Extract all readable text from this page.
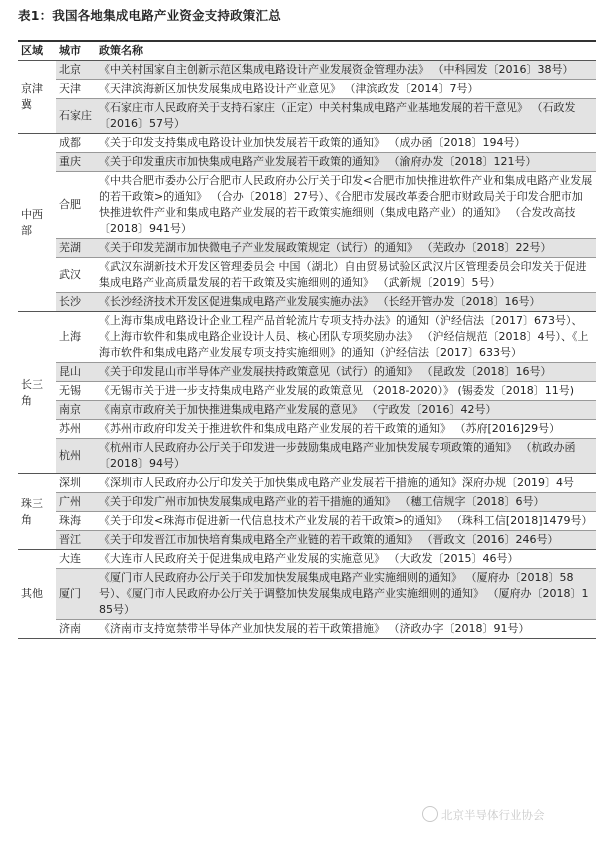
表1：我国各地集成电路产业资金支持政策汇总
区域	城市	政策名称
京津冀	北京	《中关村国家自主创新示范区集成电路设计产业发展资金管理办法》 （中科园发〔2016〕38号）
	天津	《天津滨海新区加快发展集成电路设计产业意见》 （津滨政发〔2014〕7号）
	石家庄	《石家庄市人民政府关于支持石家庄（正定）中关村集成电路产业基地发展的若干意见》 （石政发〔2016〕57号）
中西部	成都	《关于印发支持集成电路设计业加快发展若干政策的通知》 （成办函〔2018〕194号）
	重庆	《关于印发重庆市加快集成电路产业发展若干政策的通知》 （渝府办发〔2018〕121号）
	合肥	《中共合肥市委办公厅合肥市人民政府办公厅关于印发<合肥市加快推进软件产业和集成电路产业发展的若干政策>的通知》 （合办〔2018〕27号）、《合肥市发展改革委合肥市财政局关于印发合肥市加快推进软件产业和集成电路产业发展的若干政策实施细则（集成电路产业）的通知》 （合发改高技〔2018〕941号）
	芜湖	《关于印发芜湖市加快微电子产业发展政策规定（试行）的通知》 （芜政办〔2018〕22号）
	武汉	《武汉东湖新技术开发区管理委员会 中国（湖北）自由贸易试验区武汉片区管理委员会印发关于促进集成电路产业高质量发展的若干政策及实施细则的通知》 （武新规〔2019〕5号）
	长沙	《长沙经济技术开发区促进集成电路产业发展实施办法》 （长经开管办发〔2018〕16号）
长三角	上海	《上海市集成电路设计企业工程产品首轮流片专项支持办法》的通知（沪经信法〔2017〕673号）、《上海市软件和集成电路企业设计人员、核心团队专项奖励办法》 （沪经信规范〔2018〕4号）、《上海市软件和集成电路产业发展专项支持实施细则》的通知（沪经信法〔2017〕633号）
	昆山	《关于印发昆山市半导体产业发展扶持政策意见（试行）的通知》 （昆政发〔2018〕16号）
	无锡	《无锡市关于进一步支持集成电路产业发展的政策意见 （2018-2020）》 (锡委发〔2018〕11号)
	南京	《南京市政府关于加快推进集成电路产业发展的意见》 （宁政发〔2016〕42号）
	苏州	《苏州市政府印发关于推进软件和集成电路产业发展的若干政策的通知》 （苏府[2016]29号）
	杭州	《杭州市人民政府办公厅关于印发进一步鼓励集成电路产业加快发展专项政策的通知》 （杭政办函〔2018〕94号）
珠三角	深圳	《深圳市人民政府办公厅印发关于加快集成电路产业发展若干措施的通知》深府办规〔2019〕4号
	广州	《关于印发广州市加快发展集成电路产业的若干措施的通知》 （穗工信规字〔2018〕6号）
	珠海	《关于印发<珠海市促进新一代信息技术产业发展的若干政策>的通知》 （珠科工信[2018]1479号）
	晋江	《关于印发晋江市加快培育集成电路全产业链的若干政策的通知》 （晋政文〔2016〕246号）
其他	大连	《大连市人民政府关于促进集成电路产业发展的实施意见》 （大政发〔2015〕46号）
	厦门	《厦门市人民政府办公厅关于印发加快发展集成电路产业实施细则的通知》 （厦府办〔2018〕58号）、《厦门市人民政府办公厅关于调整加快发展集成电路产业实施细则的通知》 （厦府办〔2018〕185号）
	济南	《济南市支持宽禁带半导体产业加快发展的若干政策措施》 （济政办字〔2018〕91号）
北京半导体行业协会
